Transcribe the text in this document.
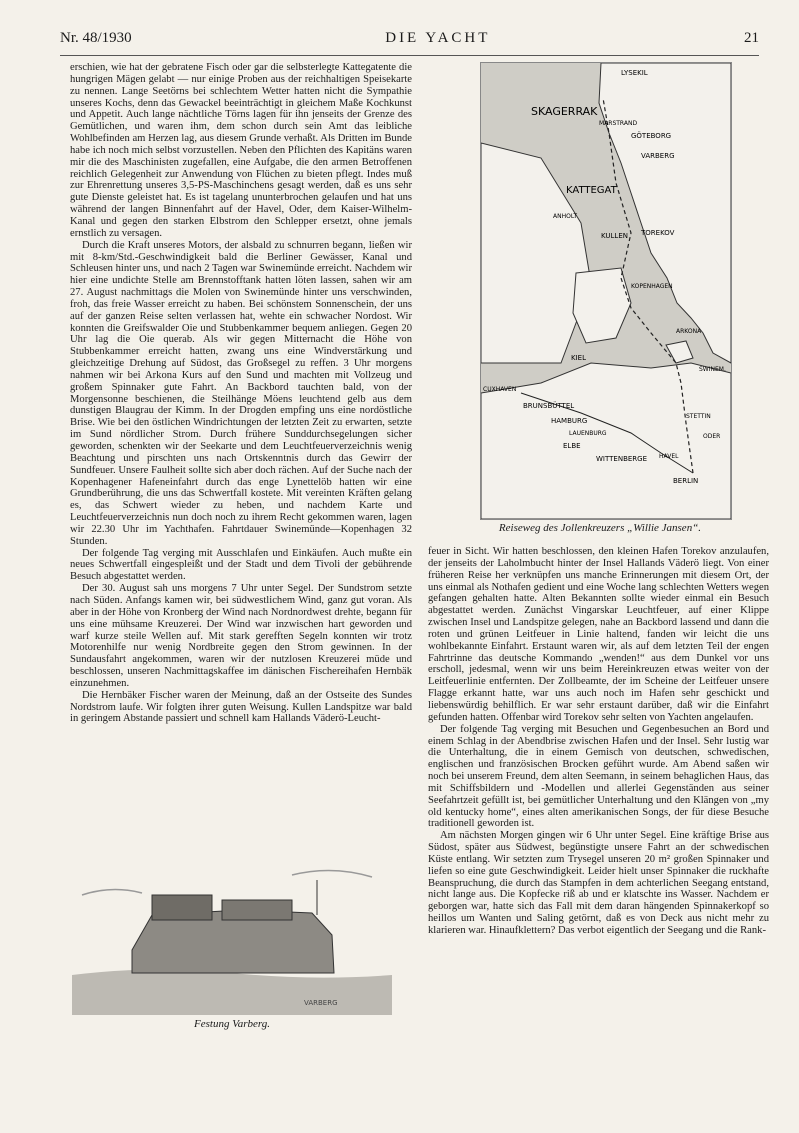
Nr. 48/1930	DIE YACHT	21

erschien, wie hat der gebratene Fisch oder gar die selbsterlegte Kattegatente die hungrigen Mägen gelabt — nur einige Proben aus der reichhaltigen Speisekarte zu nennen. Lange Seetörns bei schlechtem Wetter hatten nicht die Sympathie unseres Kochs, denn das Gewackel beeinträchtigt in gleichem Maße Kochkunst und Appetit. Auch lange nächtliche Törns lagen für ihn jenseits der Grenze des Gemütlichen, und waren ihm, dem schon durch sein Amt das leibliche Wohlbefinden am Herzen lag, aus diesem Grunde verhaßt. Als Dritten im Bunde habe ich noch mich selbst vorzustellen. Neben den Pflichten des Kapitäns waren mir die des Maschinisten zugefallen, eine Aufgabe, die den armen Betroffenen reichlich Gelegenheit zur Anwendung von Flüchen zu bieten pflegt. Indes muß zur Ehrenrettung unseres 3,5-PS-Maschinchens gesagt werden, daß es uns sehr gute Dienste geleistet hat. Es ist tagelang ununterbrochen gelaufen und hat uns während der langen Binnenfahrt auf der Havel, Oder, dem Kaiser-Wilhelm-Kanal und gegen den starken Elbstrom den Schlepper ersetzt, ohne jemals ernstlich zu versagen.

Durch die Kraft unseres Motors, der alsbald zu schnurren begann, ließen wir mit 8-km/Std.-Geschwindigkeit bald die Berliner Gewässer, Kanal und Schleusen hinter uns, und nach 2 Tagen war Swinemünde erreicht. Nachdem wir hier eine undichte Stelle am Brennstofftank hatten löten lassen, sahen wir am 27. August nachmittags die Molen von Swinemünde hinter uns verschwinden, froh, das freie Wasser erreicht zu haben. Bei schönstem Sonnenschein, der uns auf der ganzen Reise selten verlassen hat, wehte ein schwacher Nordost. Wir konnten die Greifswalder Oie und Stubbenkammer bequem anliegen. Gegen 20 Uhr lag die Oie querab. Als wir gegen Mitternacht die Höhe von Stubbenkammer erreicht hatten, zwang uns eine Windverstärkung und gleichzeitige Drehung auf Südost, das Großsegel zu reffen. 3 Uhr morgens nahmen wir bei Arkona Kurs auf den Sund und machten mit Vollzeug und großem Spinnaker gute Fahrt. An Backbord tauchten bald, von der Morgensonne beschienen, die Steilhänge Möens leuchtend gelb aus dem dunstigen Blaugrau der Kimm. In der Drogden empfing uns eine nordöstliche Brise. Wie bei den östlichen Windrichtungen der letzten Zeit zu erwarten, setzte im Sund nördlicher Strom. Durch frühere Sunddurchsegelungen sicher geworden, schenkten wir der Seekarte und dem Leuchtfeuerverzeichnis wenig Beachtung und pirschten uns nach Ortskenntnis durch das Gewirr der Sundfeuer. Unsere Faulheit sollte sich aber doch rächen. Auf der Suche nach der Kopenhagener Hafeneinfahrt durch das enge Lynettelöb hatten wir eine Grundberührung, die uns das Schwertfall kostete. Mit vereinten Kräften gelang es, das Schwert wieder zu heben, und nachdem Karte und Leuchtfeuerverzeichnis nun doch noch zu ihrem Recht gekommen waren, lagen wir 22.30 Uhr im Yachthafen. Fahrtdauer Swinemünde—Kopenhagen 32 Stunden.

Der folgende Tag verging mit Ausschlafen und Einkäufen. Auch mußte ein neues Schwertfall eingespleißt und der Stadt und dem Tivoli der gebührende Besuch abgestattet werden.

Der 30. August sah uns morgens 7 Uhr unter Segel. Der Sundstrom setzte nach Süden. Anfangs kamen wir, bei südwestlichem Wind, ganz gut voran. Als aber in der Höhe von Kronberg der Wind nach Nordnordwest drehte, begann für uns eine mühsame Kreuzerei. Der Wind war inzwischen hart geworden und warf kurze steile Wellen auf. Mit stark gerefften Segeln konnten wir trotz Motorenhilfe nur wenig Nordbreite gegen den Strom gewinnen. In der Sundausfahrt angekommen, waren wir der nutzlosen Kreuzerei müde und beschlossen, unseren Nachmittagskaffee im dänischen Fischereihafen Hernbäk einzunehmen.

Die Hernbäker Fischer waren der Meinung, daß an der Ostseite des Sundes Nordstrom laufe. Wir folgten ihrer guten Weisung. Kullen Landspitze war bald in geringem Abstande passiert und schnell kam Hallands Väderö-Leucht-

LYSEKIL
SKAGERRAK
MARSTRAND
GÖTEBORG
VARBERG
KATTEGAT
ANHOLT
KULLEN TOREKOV
KOPENHAGEN
ARKONA
SWINEM.
KIEL
CUXHAVEN
BRUNSBÜTTEL
HAMBURG
LAUENBURG
ELBE
WITTENBERGE HAVEL
STETTIN
ODER
BERLIN
Reiseweg des Jollenkreuzers „Willie Jansen“.

feuer in Sicht. Wir hatten beschlossen, den kleinen Hafen Torekov anzulaufen, der jenseits der Laholmbucht hinter der Insel Hallands Väderö liegt. Von einer früheren Reise her verknüpfen uns manche Erinnerungen mit diesem Ort, der uns einmal als Nothafen gedient und eine Woche lang schlechten Wetters wegen gefangen gehalten hatte. Alten Bekannten sollte wieder einmal ein Besuch abgestattet werden. Zunächst Vingarskar Leuchtfeuer, auf einer Klippe zwischen Insel und Landspitze gelegen, nahe an Backbord lassend und dann die roten und grünen Leitfeuer in Linie haltend, fanden wir leicht die uns wohlbekannte Einfahrt. Erstaunt waren wir, als auf dem letzten Teil der engen Fahrtrinne das deutsche Kommando „wenden!“ aus dem Dunkel vor uns erscholl, jedesmal, wenn wir uns beim Hereinkreuzen etwas weiter von der Leitfeuerlinie entfernten. Der Zollbeamte, der im Scheine der Leitfeuer unsere Flagge erkannt hatte, war uns auch noch im Hafen sehr geschickt und liebenswürdig behilflich. Er war sehr erstaunt darüber, daß wir die Einfahrt gefunden hatten. Offenbar wird Torekov sehr selten von Yachten angelaufen.

Der folgende Tag verging mit Besuchen und Gegenbesuchen an Bord und einem Schlag in der Abendbrise zwischen Hafen und der Insel. Sehr lustig war die Unterhaltung, die in einem Gemisch von deutschen, schwedischen, englischen und französischen Brocken geführt wurde. Am Abend saßen wir noch bei unserem Freund, dem alten Seemann, in seinem behaglichen Haus, das mit Schiffsbildern und -Modellen und allerlei Gegenständen aus seiner Seefahrtzeit gefüllt ist, bei gemütlicher Unterhaltung und den Klängen von „my old kentucky home“, eines alten amerikanischen Songs, der für diese Besuche traditionell geworden ist.

Am nächsten Morgen gingen wir 6 Uhr unter Segel. Eine kräftige Brise aus Südost, später aus Südwest, begünstigte unsere Fahrt an der schwedischen Küste entlang. Wir setzten zum Trysegel unseren 20 m² großen Spinnaker und liefen so eine gute Geschwindigkeit. Leider hielt unser Spinnaker die ruckhafte Beanspruchung, die durch das Stampfen in dem achterlichen Seegang entstand, nicht lange aus. Die Kopfecke riß ab und er klatschte ins Wasser. Nachdem er geborgen war, hatte sich das Fall mit dem daran hängenden Spinnakerkopf so heillos um Wanten und Saling getörnt, daß es von Deck aus nicht mehr zu klarieren war. Hinaufklettern? Das verbot eigentlich der Seegang und die Rank-

VARBERG
Festung Varberg.
